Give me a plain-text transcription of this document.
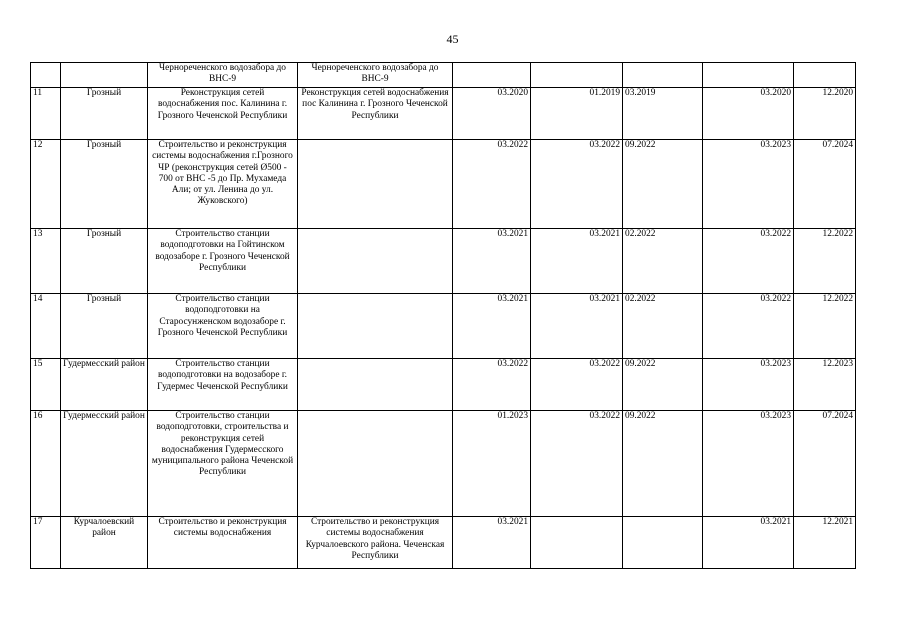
45
		Чернореченского водозабора до ВНС-9	Чернореченского водозабора до ВНС-9					
11	Грозный	Реконструкция сетей водоснабжения пос. Калинина г. Грозного Чеченской Республики	Реконструкция сетей водоснабжения пос Калинина г. Грозного Чеченской Республики	03.2020	01.2019	03.2019	03.2020	12.2020
12	Грозный	Строительство и реконструкция системы водоснабжения г.Грозного ЧР (реконструкция сетей Ø500 - 700 от ВНС -5 до Пр. Мухамеда Али; от ул. Ленина до ул. Жуковского)		03.2022	03.2022	09.2022	03.2023	07.2024
13	Грозный	Строительство станции водоподготовки на Гойтинском водозаборе г. Грозного Чеченской Республики		03.2021	03.2021	02.2022	03.2022	12.2022
14	Грозный	Строительство станции водоподготовки на Старосунженском водозаборе г. Грозного Чеченской Республики		03.2021	03.2021	02.2022	03.2022	12.2022
15	Гудермесский район	Строительство станции водоподготовки на водозаборе г. Гудермес Чеченской Республики		03.2022	03.2022	09.2022	03.2023	12.2023
16	Гудермесский район	Строительство станции водоподготовки, строительства и реконструкция сетей водоснабжения Гудермесского муниципального района Чеченской Республики		01.2023	03.2022	09.2022	03.2023	07.2024
17	Курчалоевский район	Строительство и реконструкция системы водоснабжения	Строительство и реконструкция системы водоснабжения Курчалоевского района. Чеченская Республики	03.2021			03.2021	12.2021
